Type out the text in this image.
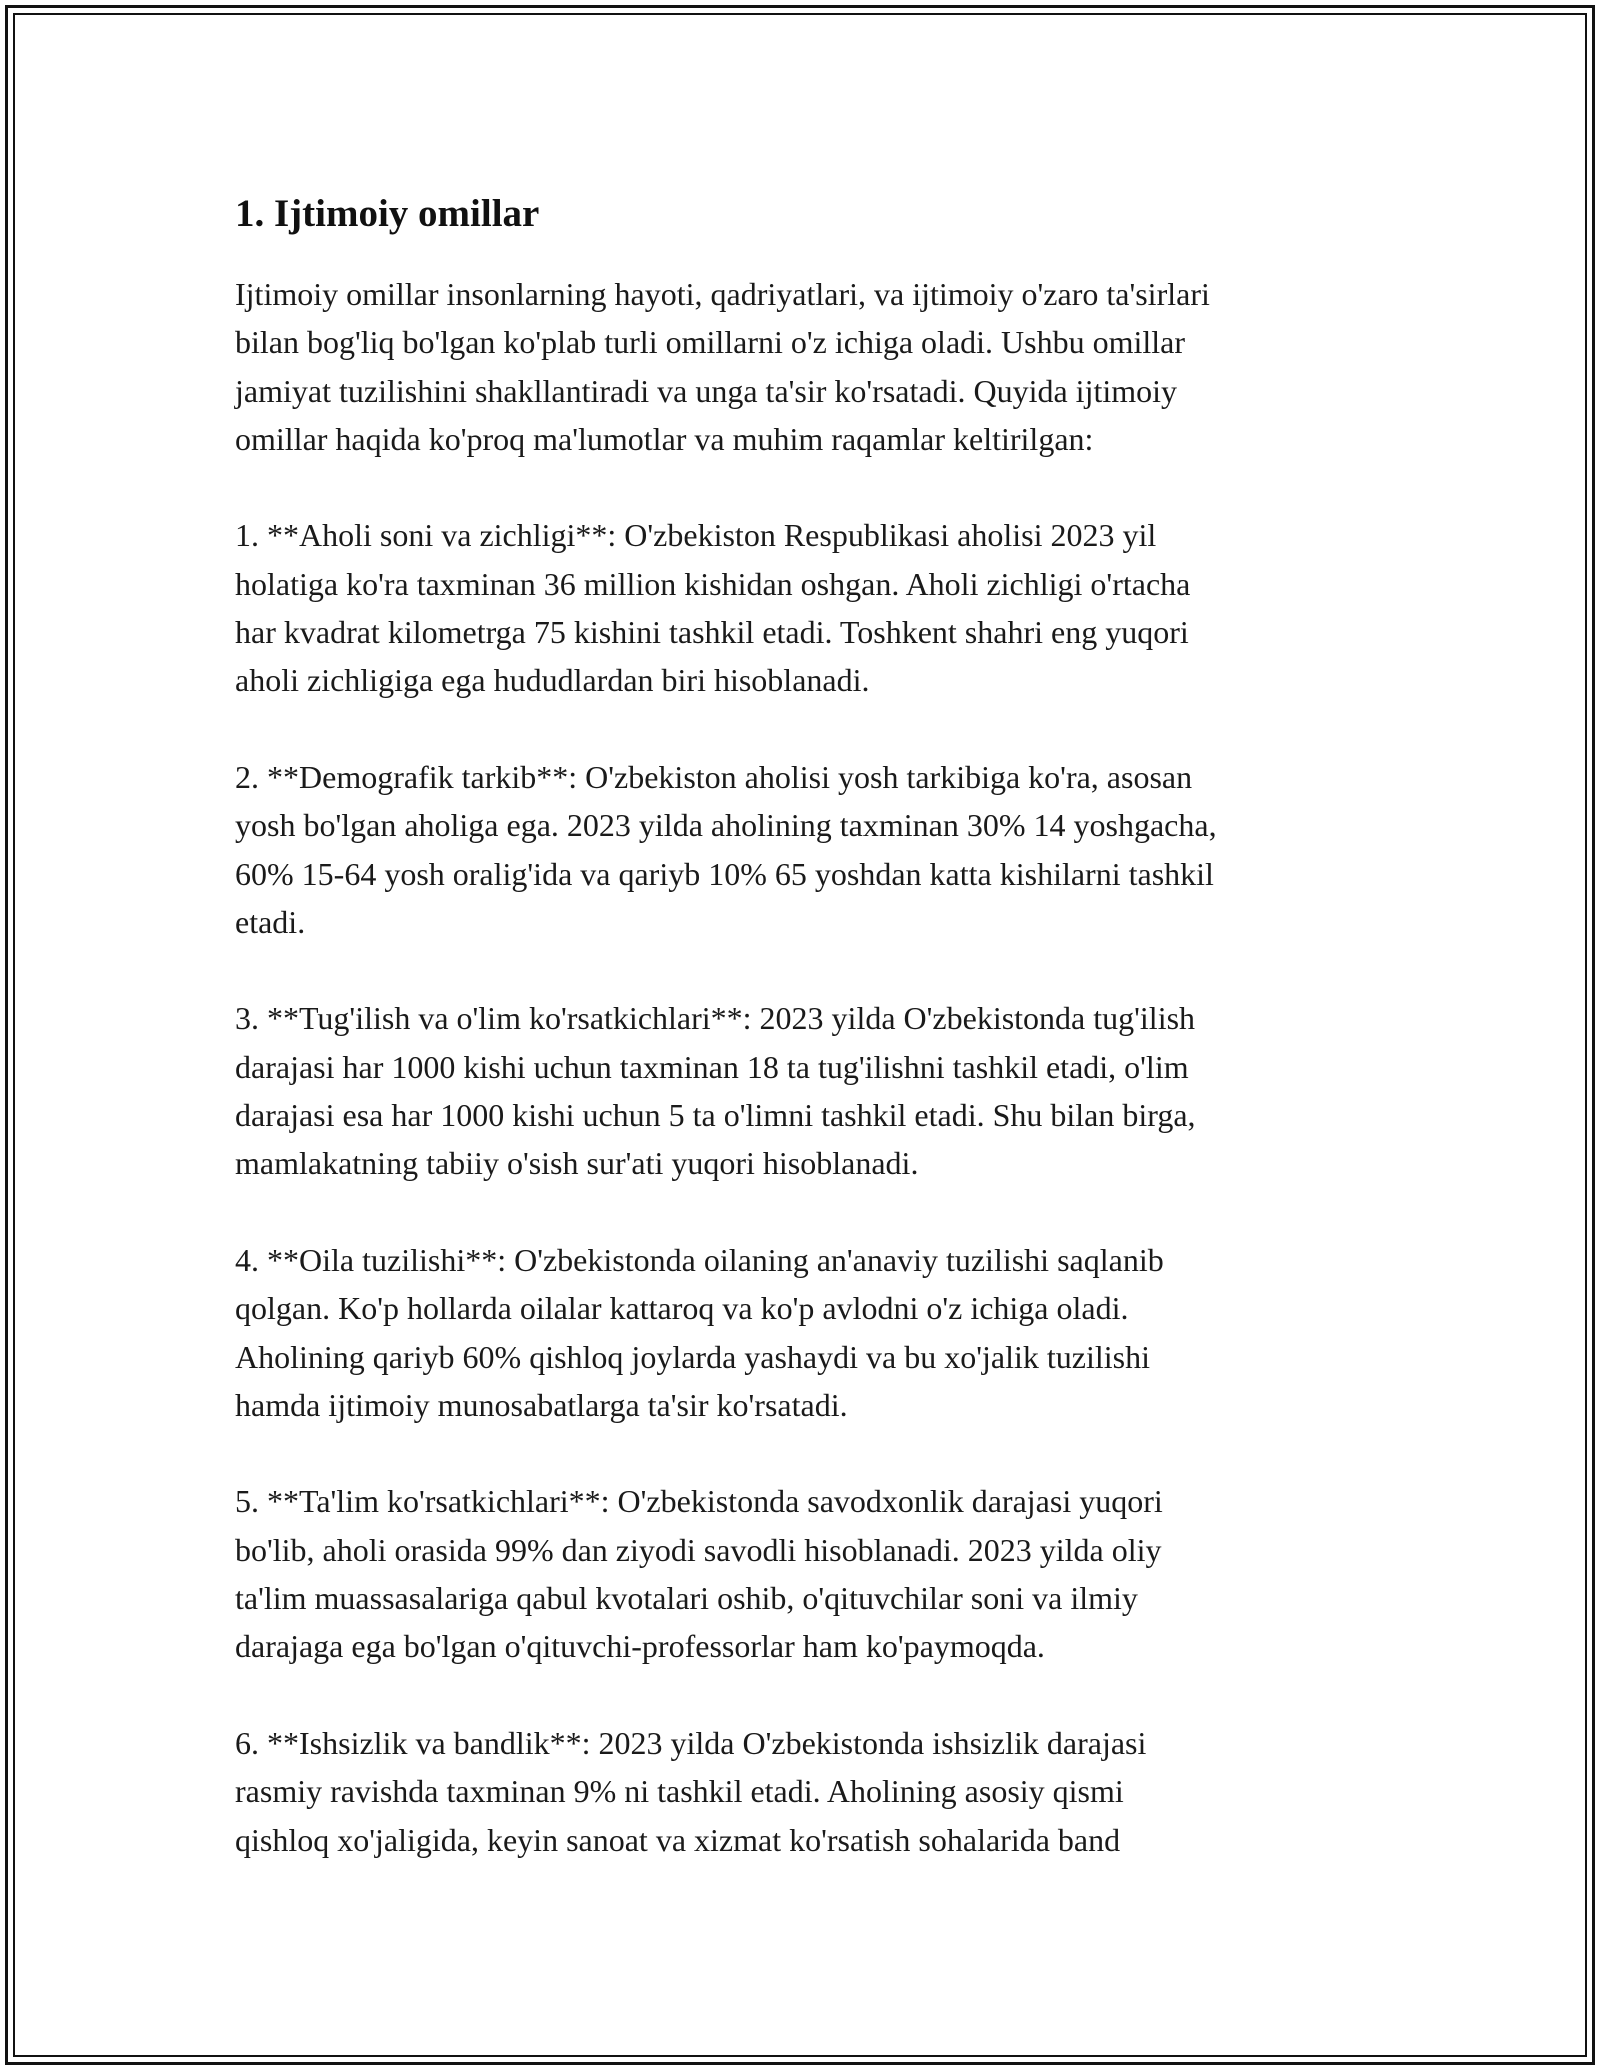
1. Ijtimoiy omillar

Ijtimoiy omillar insonlarning hayoti, qadriyatlari, va ijtimoiy o'zaro ta'sirlari
bilan bog'liq bo'lgan ko'plab turli omillarni o'z ichiga oladi. Ushbu omillar
jamiyat tuzilishini shakllantiradi va unga ta'sir ko'rsatadi. Quyida ijtimoiy
omillar haqida ko'proq ma'lumotlar va muhim raqamlar keltirilgan:

1. **Aholi soni va zichligi**: O'zbekiston Respublikasi aholisi 2023 yil
holatiga ko'ra taxminan 36 million kishidan oshgan. Aholi zichligi o'rtacha
har kvadrat kilometrga 75 kishini tashkil etadi. Toshkent shahri eng yuqori
aholi zichligiga ega hududlardan biri hisoblanadi.

2. **Demografik tarkib**: O'zbekiston aholisi yosh tarkibiga ko'ra, asosan
yosh bo'lgan aholiga ega. 2023 yilda aholining taxminan 30% 14 yoshgacha,
60% 15-64 yosh oralig'ida va qariyb 10% 65 yoshdan katta kishilarni tashkil
etadi.

3. **Tug'ilish va o'lim ko'rsatkichlari**: 2023 yilda O'zbekistonda tug'ilish
darajasi har 1000 kishi uchun taxminan 18 ta tug'ilishni tashkil etadi, o'lim
darajasi esa har 1000 kishi uchun 5 ta o'limni tashkil etadi. Shu bilan birga,
mamlakatning tabiiy o'sish sur'ati yuqori hisoblanadi.

4. **Oila tuzilishi**: O'zbekistonda oilaning an'anaviy tuzilishi saqlanib
qolgan. Ko'p hollarda oilalar kattaroq va ko'p avlodni o'z ichiga oladi.
Aholining qariyb 60% qishloq joylarda yashaydi va bu xo'jalik tuzilishi
hamda ijtimoiy munosabatlarga ta'sir ko'rsatadi.

5. **Ta'lim ko'rsatkichlari**: O'zbekistonda savodxonlik darajasi yuqori
bo'lib, aholi orasida 99% dan ziyodi savodli hisoblanadi. 2023 yilda oliy
ta'lim muassasalariga qabul kvotalari oshib, o'qituvchilar soni va ilmiy
darajaga ega bo'lgan o'qituvchi-professorlar ham ko'paymoqda.

6. **Ishsizlik va bandlik**: 2023 yilda O'zbekistonda ishsizlik darajasi
rasmiy ravishda taxminan 9% ni tashkil etadi. Aholining asosiy qismi
qishloq xo'jaligida, keyin sanoat va xizmat ko'rsatish sohalarida band
